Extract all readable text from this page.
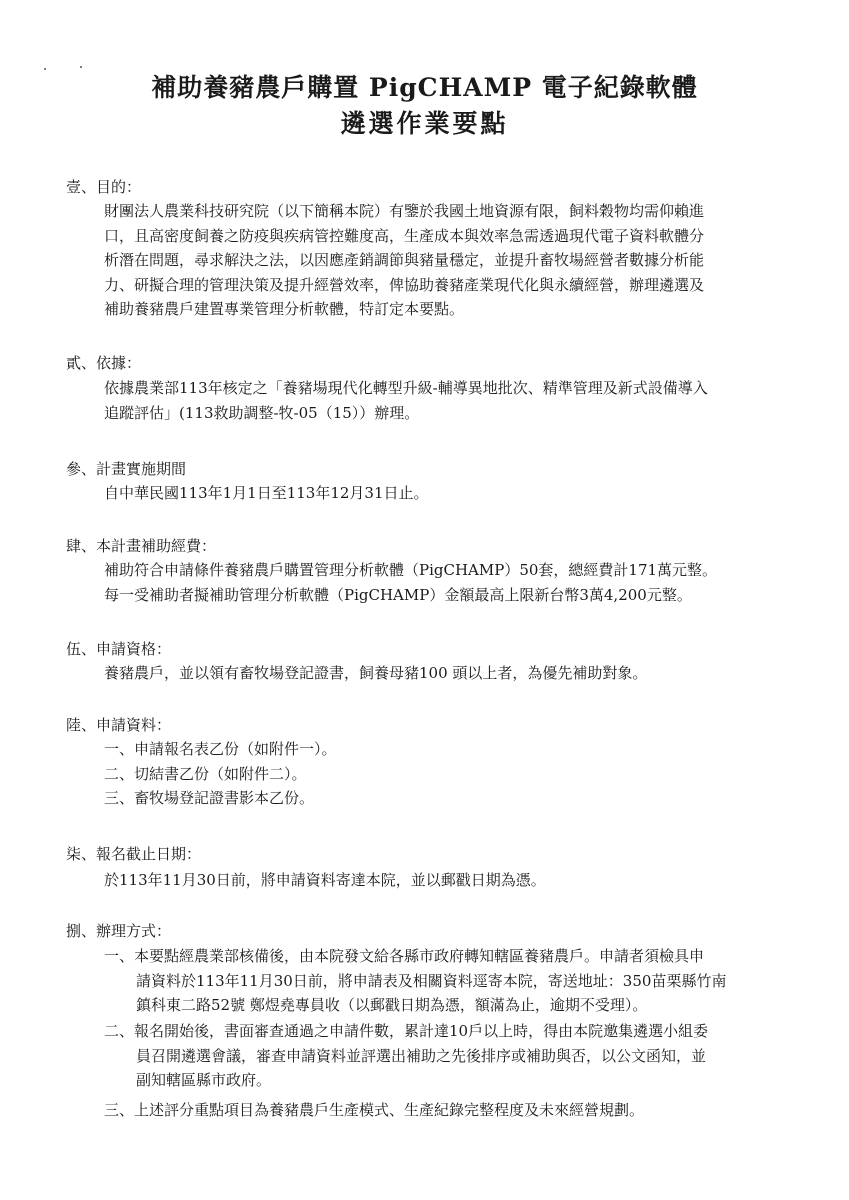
補助養豬農戶購置 PigCHAMP 電子紀錄軟體
遴選作業要點
壹、目的：
財團法人農業科技研究院（以下簡稱本院）有鑒於我國土地資源有限，飼料穀物均需仰賴進
口，且高密度飼養之防疫與疾病管控難度高，生產成本與效率急需透過現代電子資料軟體分
析潛在問題，尋求解決之法，以因應產銷調節與豬量穩定，並提升畜牧場經營者數據分析能
力、研擬合理的管理決策及提升經營效率，俾協助養豬產業現代化與永續經營，辦理遴選及
補助養豬農戶建置專業管理分析軟體，特訂定本要點。
貳、依據：
依據農業部113年核定之「養豬場現代化轉型升級-輔導異地批次、精準管理及新式設備導入
追蹤評估」(113救助調整-牧-05（15））辦理。
參、計畫實施期間
自中華民國113年1月1日至113年12月31日止。
肆、本計畫補助經費：
補助符合申請條件養豬農戶購置管理分析軟體（PigCHAMP）50套，總經費計171萬元整。
每一受補助者擬補助管理分析軟體（PigCHAMP）金額最高上限新台幣3萬4,200元整。
伍、申請資格：
養豬農戶，並以領有畜牧場登記證書，飼養母豬100 頭以上者，為優先補助對象。
陸、申請資料：
一、申請報名表乙份（如附件一）。
二、切結書乙份（如附件二）。
三、畜牧場登記證書影本乙份。
柒、報名截止日期：
於113年11月30日前，將申請資料寄達本院，並以郵戳日期為憑。
捌、辦理方式：
一、本要點經農業部核備後，由本院發文給各縣市政府轉知轄區養豬農戶。申請者須檢具申
請資料於113年11月30日前，將申請表及相關資料逕寄本院，寄送地址：350苗栗縣竹南
鎮科東二路52號 鄭煜堯專員收（以郵戳日期為憑，額滿為止，逾期不受理）。
二、報名開始後，書面審查通過之申請件數，累計達10戶以上時，得由本院邀集遴選小組委
員召開遴選會議，審查申請資料並評選出補助之先後排序或補助與否，以公文函知，並
副知轄區縣市政府。
三、上述評分重點項目為養豬農戶生產模式、生產紀錄完整程度及未來經營規劃。
